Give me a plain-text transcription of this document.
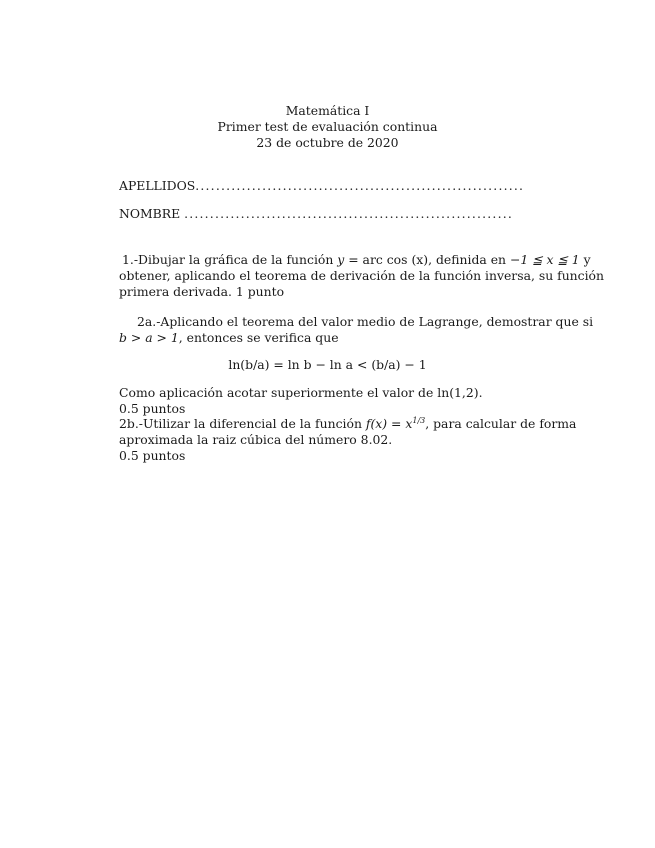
Matemática I
Primer test de evaluación continua
23 de octubre de 2020
APELLIDOS................................................................
NOMBRE ................................................................
1.-Dibujar la gráfica de la función y = arc cos (x), definida en −1 ≦ x ≦ 1 y
obtener, aplicando el teorema de derivación de la función inversa, su función
primera derivada. 1 punto
2a.-Aplicando el teorema del valor medio de Lagrange, demostrar que si
b > a > 1, entonces se verifica que
ln(b/a) = ln b − ln a < (b/a) − 1
Como aplicación acotar superiormente el valor de ln(1,2).
0.5 puntos
2b.-Utilizar la diferencial de la función $f(x) = x^{1/3}$, para calcular de forma
aproximada la raiz cúbica del número 8.02.
0.5 puntos
